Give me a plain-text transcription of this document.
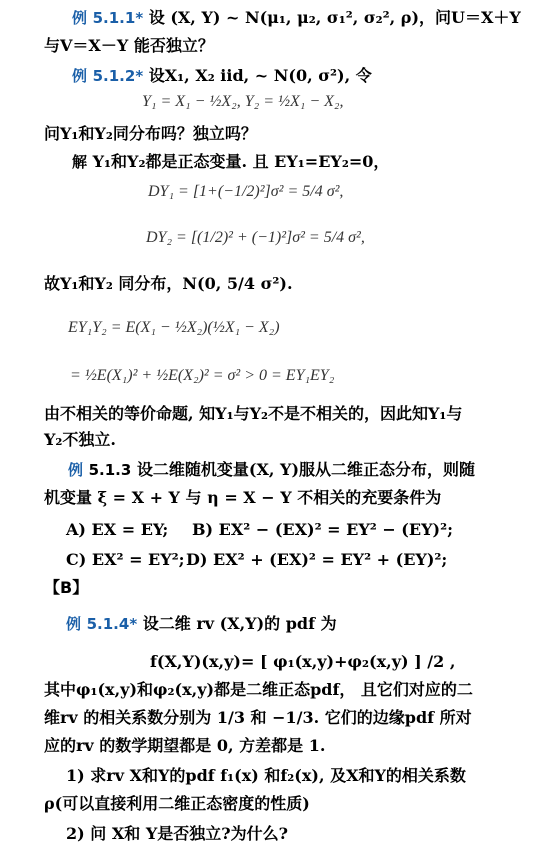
例 5.1.1* 设 (X, Y) ~ N(μ₁, μ₂, σ₁², σ₂², ρ)，问U＝X＋Y
与V＝X－Y 能否独立？
例 5.1.2* 设X₁, X₂ iid, ~ N(0, σ²), 令
Y₁ = X₁ − ½X₂, Y₂ = ½X₁ − X₂,
问Y₁和Y₂同分布吗？独立吗？
解 Y₁和Y₂都是正态变量. 且 EY₁=EY₂=0，
DY₁ = [1+(−1/2)²]σ² = 5/4 σ²,
DY₂ = [(1/2)² + (−1)²]σ² = 5/4 σ²,
故Y₁和Y₂ 同分布，N(0, 5/4 σ²).
EY₁Y₂ = E(X₁ − ½X₂)(½X₁ − X₂)
= ½E(X₁)² + ½E(X₂)² = σ² > 0 = EY₁EY₂
由不相关的等价命题, 知Y₁与Y₂不是不相关的，因此知Y₁与
Y₂不独立.
例 5.1.3 设二维随机变量(X, Y)服从二维正态分布，则随
机变量 ξ = X + Y 与 η = X − Y 不相关的充要条件为
A) EX = EY; B) EX² − (EX)² = EY² − (EY)²;
C) EX² = EY²; D) EX² + (EX)² = EY² + (EY)²;
【B】
例 5.1.4* 设二维 rv (X,Y)的 pdf 为
f(X,Y)(x,y)= [ φ₁(x,y)+φ₂(x,y) ] /2 ,
其中φ₁(x,y)和φ₂(x,y)都是二维正态pdf， 且它们对应的二
维rv 的相关系数分别为 1/3 和 −1/3. 它们的边缘pdf 所对
应的rv 的数学期望都是 0, 方差都是 1.
1) 求rv X和Y的pdf f₁(x) 和f₂(x), 及X和Y的相关系数
ρ(可以直接利用二维正态密度的性质)
2) 问 X和 Y是否独立?为什么?
